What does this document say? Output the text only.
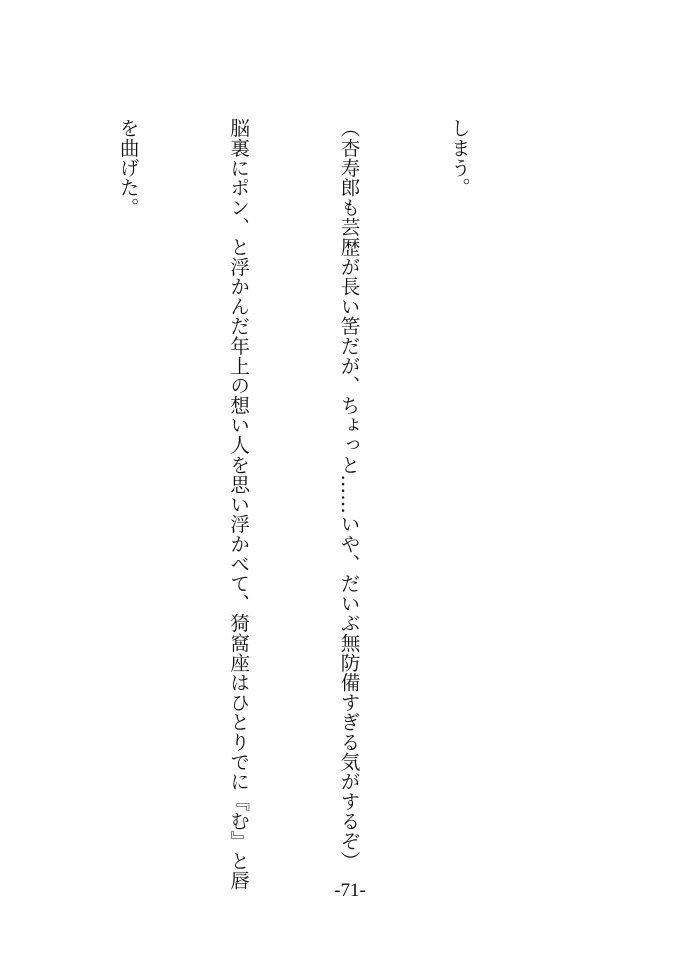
しまう。

（杏寿郎も芸歴が長い筈だが、ちょっと……いや、だいぶ無防備すぎる気がするぞ）

脳裏にポン、と浮かんだ年上の想い人を思い浮かべて、猗窩座はひとりでに『む』と唇

を曲げた。

-71-
